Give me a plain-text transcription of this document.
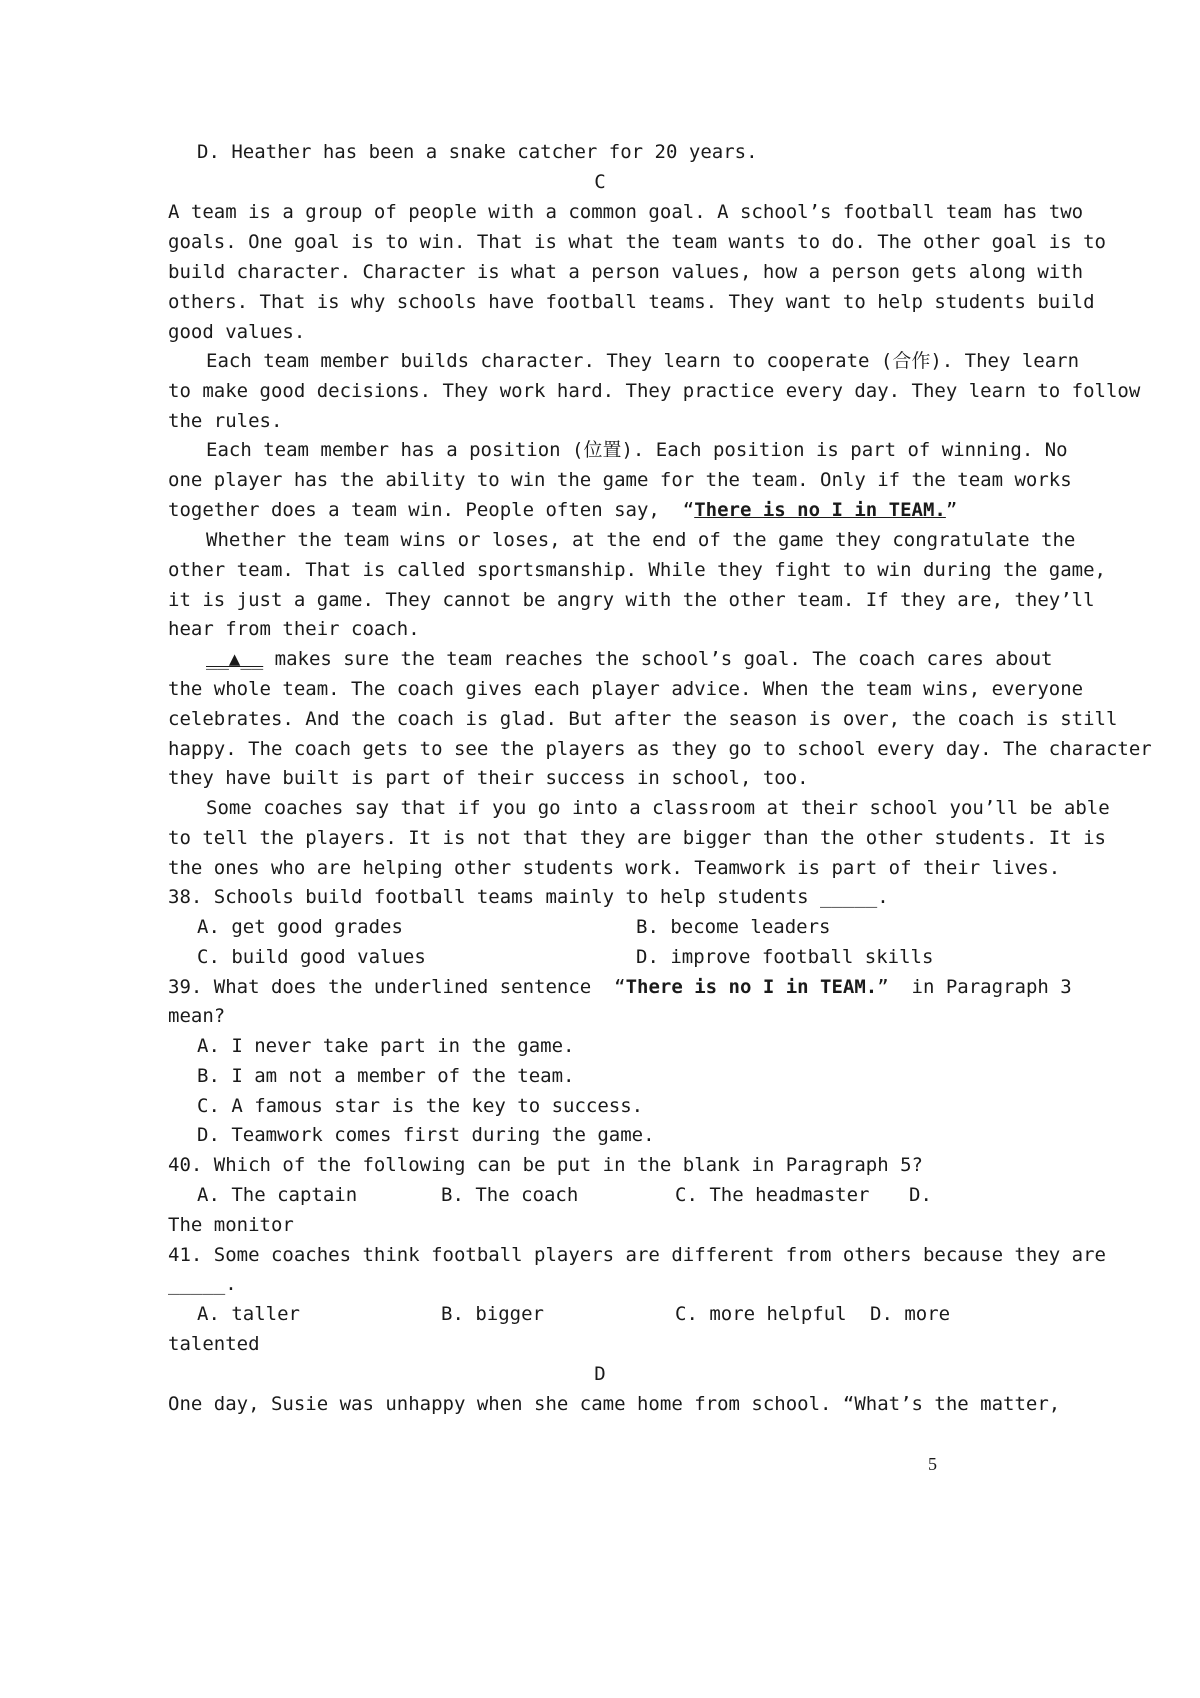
D. Heather has been a snake catcher for 20 years.
C
A team is a group of people with a common goal. A school’s football team has two
goals. One goal is to win. That is what the team wants to do. The other goal is to
build character. Character is what a person values, how a person gets along with
others. That is why schools have football teams. They want to help students build
good values.
Each team member builds character. They learn to cooperate (合作). They learn
to make good decisions. They work hard. They practice every day. They learn to follow
the rules.
Each team member has a position (位置). Each position is part of winning. No
one player has the ability to win the game for the team. Only if the team works
together does a team win. People often say,  “There is no I in TEAM.”
Whether the team wins or loses, at the end of the game they congratulate the
other team. That is called sportsmanship. While they fight to win during the game,
it is just a game. They cannot be angry with the other team. If they are, they’ll
hear from their coach.
__▲__ makes sure the team reaches the school’s goal. The coach cares about
the whole team. The coach gives each player advice. When the team wins, everyone
celebrates. And the coach is glad. But after the season is over, the coach is still
happy. The coach gets to see the players as they go to school every day. The character
they have built is part of their success in school, too.
Some coaches say that if you go into a classroom at their school you’ll be able
to tell the players. It is not that they are bigger than the other students. It is
the ones who are helping other students work. Teamwork is part of their lives.
38. Schools build football teams mainly to help students _____.
A. get good grades	B. become leaders
C. build good values	D. improve football skills
39. What does the underlined sentence  “There is no I in TEAM.”  in Paragraph 3
mean?
A. I never take part in the game.
B. I am not a member of the team.
C. A famous star is the key to success.
D. Teamwork comes first during the game.
40. Which of the following can be put in the blank in Paragraph 5?
A. The captain	B. The coach	C. The headmaster D.
The monitor
41. Some coaches think football players are different from others because they are
_____.
A. taller	B. bigger	C. more helpful D. more
talented
D
One day, Susie was unhappy when she came home from school. “What’s the matter,
5
